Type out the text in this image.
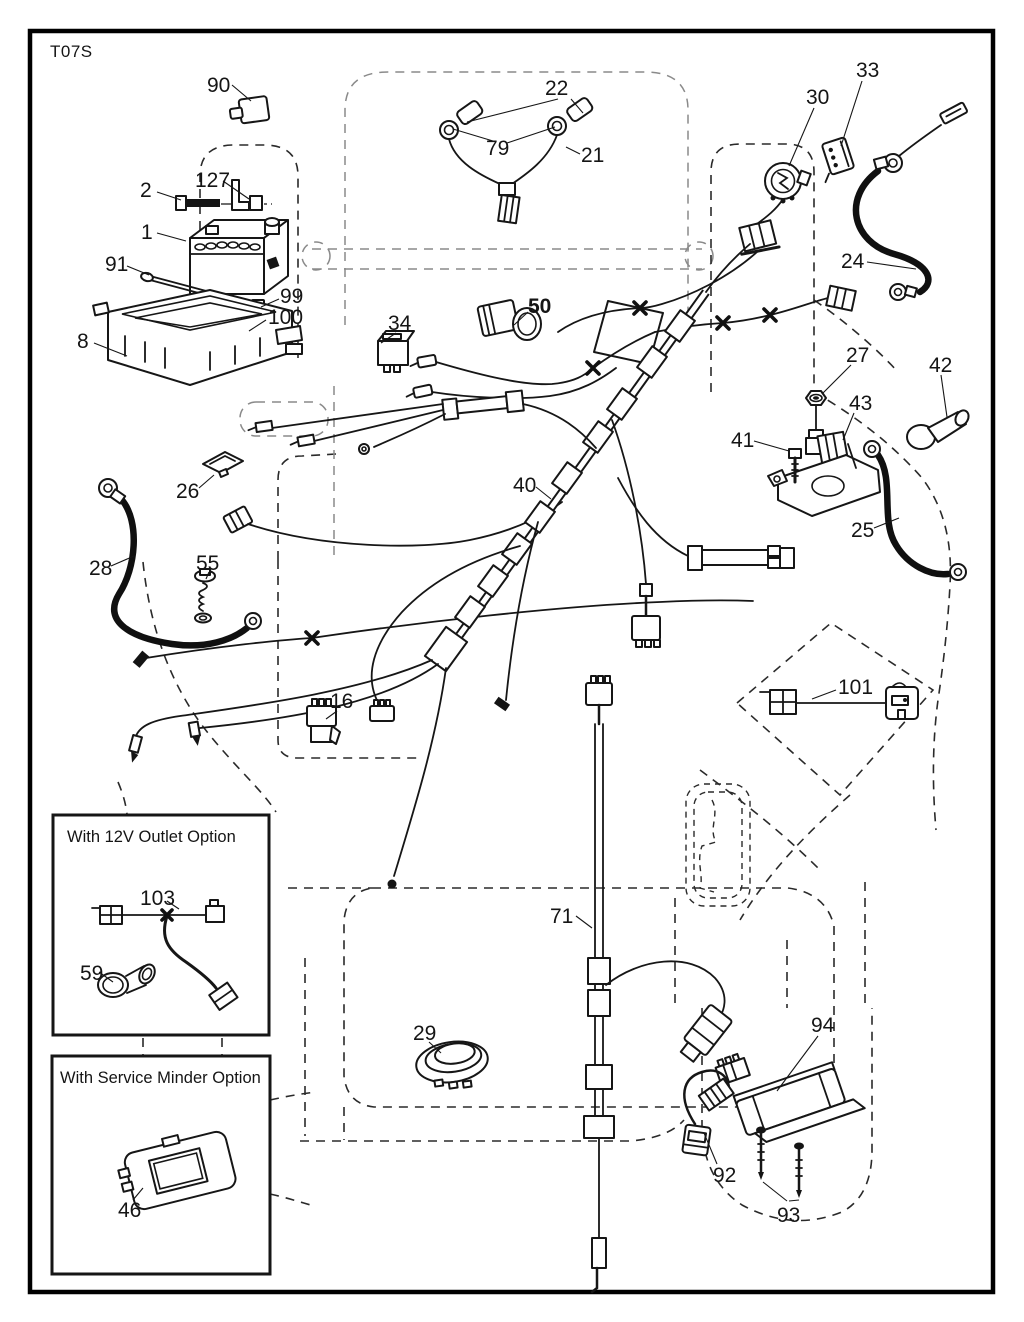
T07S
With 12V Outlet Option
With Service Minder Option
90	22
79	21
30
33
24
2 127
1
91
99
100
8
34
50
27	42
43
41
25
26	40
28	55
16
101
71
29	94
92
93
46
103
59
